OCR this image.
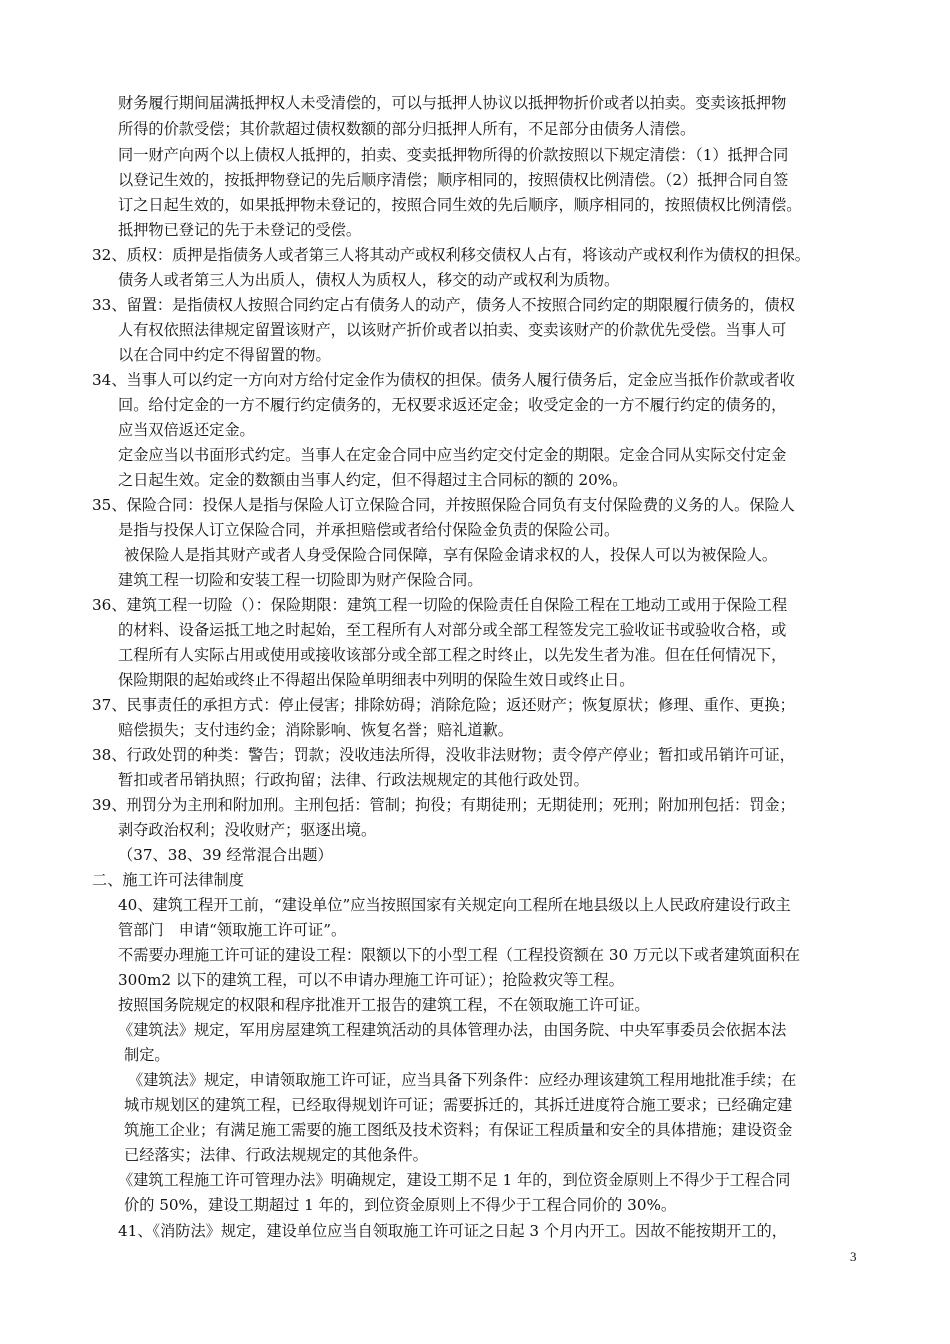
财务履行期间届满抵押权人未受清偿的，可以与抵押人协议以抵押物折价或者以拍卖。变卖该抵押物
所得的价款受偿；其价款超过债权数额的部分归抵押人所有，不足部分由债务人清偿。
同一财产向两个以上债权人抵押的，拍卖、变卖抵押物所得的价款按照以下规定清偿：（1）抵押合同
以登记生效的，按抵押物登记的先后顺序清偿；顺序相同的，按照债权比例清偿。（2）抵押合同自签
订之日起生效的，如果抵押物未登记的，按照合同生效的先后顺序，顺序相同的，按照债权比例清偿。
抵押物已登记的先于未登记的受偿。
32、质权：质押是指债务人或者第三人将其动产或权利移交债权人占有，将该动产或权利作为债权的担保。
债务人或者第三人为出质人，债权人为质权人，移交的动产或权利为质物。
33、留置：是指债权人按照合同约定占有债务人的动产，债务人不按照合同约定的期限履行债务的，债权
人有权依照法律规定留置该财产，以该财产折价或者以拍卖、变卖该财产的价款优先受偿。当事人可
以在合同中约定不得留置的物。
34、当事人可以约定一方向对方给付定金作为债权的担保。债务人履行债务后，定金应当抵作价款或者收
回。给付定金的一方不履行约定债务的，无权要求返还定金；收受定金的一方不履行约定的债务的，
应当双倍返还定金。
定金应当以书面形式约定。当事人在定金合同中应当约定交付定金的期限。定金合同从实际交付定金
之日起生效。定金的数额由当事人约定，但不得超过主合同标的额的 20%。
35、保险合同：投保人是指与保险人订立保险合同，并按照保险合同负有支付保险费的义务的人。保险人
是指与投保人订立保险合同，并承担赔偿或者给付保险金负责的保险公司。
被保险人是指其财产或者人身受保险合同保障，享有保险金请求权的人，投保人可以为被保险人。
建筑工程一切险和安装工程一切险即为财产保险合同。
36、建筑工程一切险（）：保险期限：建筑工程一切险的保险责任自保险工程在工地动工或用于保险工程
的材料、设备运抵工地之时起始，至工程所有人对部分或全部工程签发完工验收证书或验收合格，或
工程所有人实际占用或使用或接收该部分或全部工程之时终止，以先发生者为准。但在任何情况下，
保险期限的起始或终止不得超出保险单明细表中列明的保险生效日或终止日。
37、民事责任的承担方式：停止侵害；排除妨碍；消除危险；返还财产；恢复原状；修理、重作、更换；
赔偿损失；支付违约金；消除影响、恢复名誉；赔礼道歉。
38、行政处罚的种类：警告；罚款；没收违法所得，没收非法财物；责令停产停业；暂扣或吊销许可证，
暂扣或者吊销执照；行政拘留；法律、行政法规规定的其他行政处罚。
39、刑罚分为主刑和附加刑。主刑包括：管制；拘役；有期徒刑；无期徒刑；死刑；附加刑包括：罚金；
剥夺政治权利；没收财产；驱逐出境。
（37、38、39 经常混合出题）
二、施工许可法律制度
40、建筑工程开工前，“建设单位”应当按照国家有关规定向工程所在地县级以上人民政府建设行政主
管部门　申请“领取施工许可证”。
不需要办理施工许可证的建设工程：限额以下的小型工程（工程投资额在 30 万元以下或者建筑面积在
300m2 以下的建筑工程，可以不申请办理施工许可证）；抢险救灾等工程。
按照国务院规定的权限和程序批准开工报告的建筑工程，不在领取施工许可证。
《建筑法》规定，军用房屋建筑工程建筑活动的具体管理办法，由国务院、中央军事委员会依据本法
制定。
《建筑法》规定，申请领取施工许可证，应当具备下列条件：应经办理该建筑工程用地批准手续；在
城市规划区的建筑工程，已经取得规划许可证；需要拆迁的，其拆迁进度符合施工要求；已经确定建
筑施工企业；有满足施工需要的施工图纸及技术资料；有保证工程质量和安全的具体措施；建设资金
已经落实；法律、行政法规规定的其他条件。
《建筑工程施工许可管理办法》明确规定，建设工期不足 1 年的，到位资金原则上不得少于工程合同
价的 50%，建设工期超过 1 年的，到位资金原则上不得少于工程合同价的 30%。
41、《消防法》规定，建设单位应当自领取施工许可证之日起 3 个月内开工。因故不能按期开工的，
3
